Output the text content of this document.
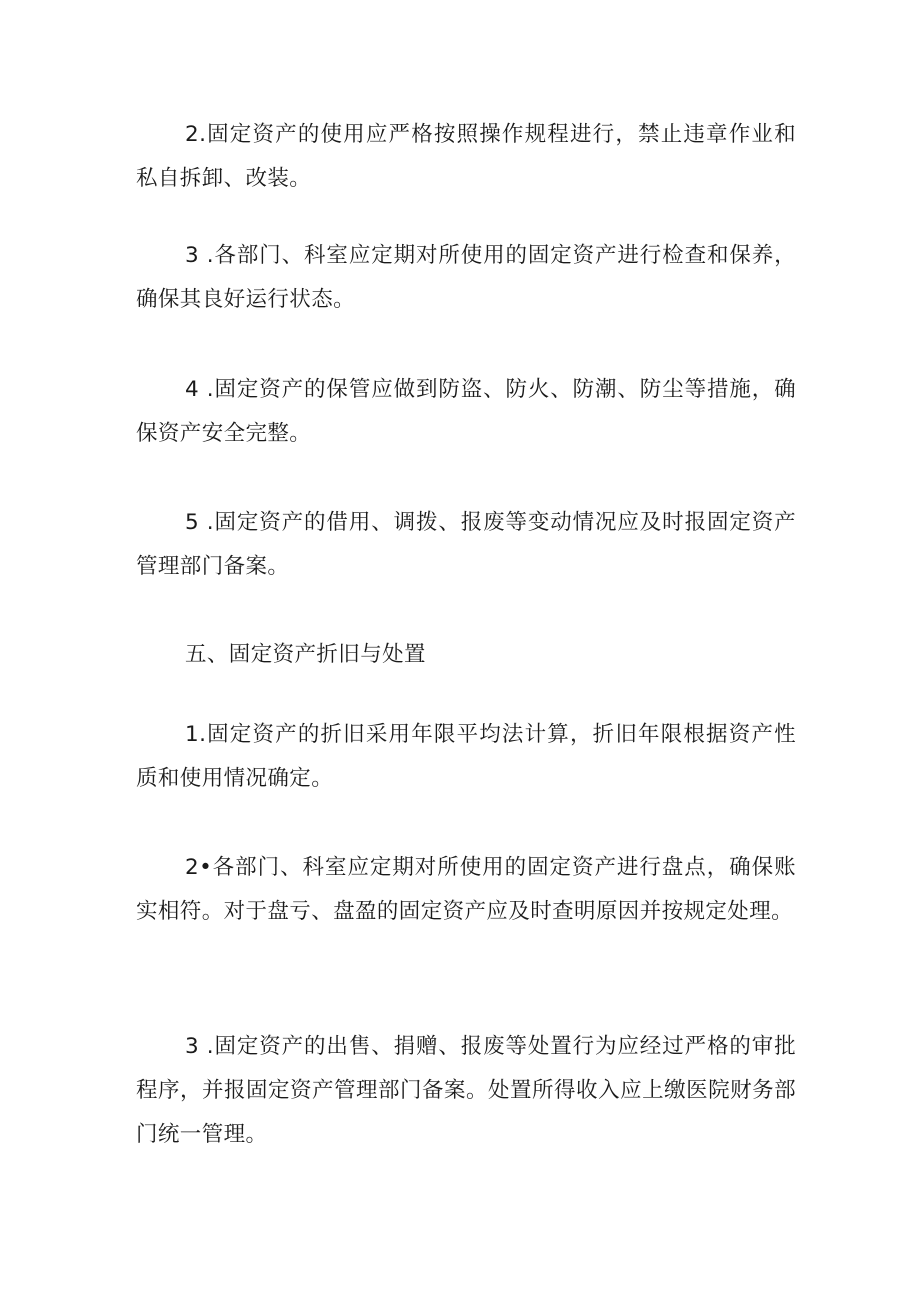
2.固定资产的使用应严格按照操作规程进行，禁止违章作业和私自拆卸、改装。

3 .各部门、科室应定期对所使用的固定资产进行检查和保养，确保其良好运行状态。

4 .固定资产的保管应做到防盗、防火、防潮、防尘等措施，确保资产安全完整。

5 .固定资产的借用、调拨、报废等变动情况应及时报固定资产管理部门备案。

五、固定资产折旧与处置

1.固定资产的折旧采用年限平均法计算，折旧年限根据资产性质和使用情况确定。

2•各部门、科室应定期对所使用的固定资产进行盘点，确保账实相符。对于盘亏、盘盈的固定资产应及时查明原因并按规定处理。

3 .固定资产的出售、捐赠、报废等处置行为应经过严格的审批程序，并报固定资产管理部门备案。处置所得收入应上缴医院财务部门统一管理。
